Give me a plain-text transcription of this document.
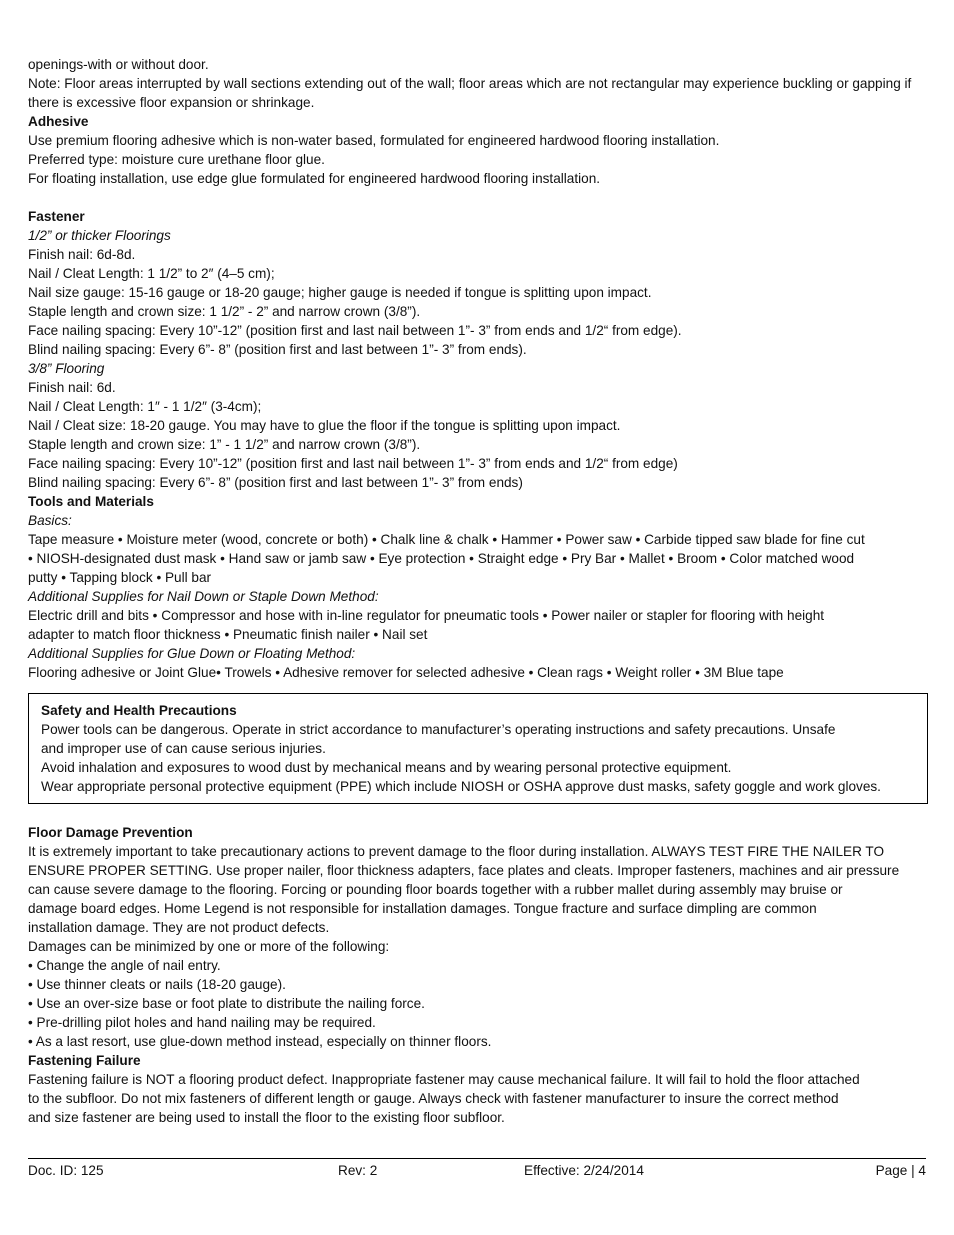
openings-with or without door.
Note: Floor areas interrupted by wall sections extending out of the wall; floor areas which are not rectangular may experience buckling or gapping if there is excessive floor expansion or shrinkage.
Adhesive
Use premium flooring adhesive which is non-water based, formulated for engineered hardwood flooring installation.
Preferred type: moisture cure urethane floor glue.
For floating installation, use edge glue formulated for engineered hardwood flooring installation.
Fastener
1/2” or thicker Floorings
Finish nail: 6d-8d.
Nail / Cleat Length: 1 1/2” to 2″ (4–5 cm);
Nail size gauge: 15-16 gauge or 18-20 gauge; higher gauge is needed if tongue is splitting upon impact.
Staple length and crown size: 1 1/2” - 2” and narrow crown (3/8”).
Face nailing spacing: Every 10”-12” (position first and last nail between 1”- 3” from ends and 1/2“ from edge).
Blind nailing spacing: Every 6”- 8” (position first and last between 1”- 3” from ends).
3/8” Flooring
Finish nail: 6d.
Nail / Cleat Length: 1″ - 1 1/2″ (3-4cm);
Nail / Cleat size: 18-20 gauge. You may have to glue the floor if the tongue is splitting upon impact.
Staple length and crown size: 1” - 1 1/2” and narrow crown (3/8”).
Face nailing spacing: Every 10”-12” (position first and last nail between 1”- 3” from ends and 1/2“ from edge)
Blind nailing spacing: Every 6”- 8” (position first and last between 1”- 3” from ends)
Tools and Materials
Basics:
Tape measure • Moisture meter (wood, concrete or both) • Chalk line & chalk • Hammer • Power saw • Carbide tipped saw blade for fine cut
• NIOSH-designated dust mask • Hand saw or jamb saw • Eye protection • Straight edge • Pry Bar • Mallet • Broom • Color matched wood
putty • Tapping block • Pull bar
Additional Supplies for Nail Down or Staple Down Method:
Electric drill and bits • Compressor and hose with in-line regulator for pneumatic tools • Power nailer or stapler for flooring with height
adapter to match floor thickness • Pneumatic finish nailer • Nail set
Additional Supplies for Glue Down or Floating Method:
Flooring adhesive or Joint Glue• Trowels • Adhesive remover for selected adhesive • Clean rags • Weight roller • 3M Blue tape
Safety and Health Precautions
Power tools can be dangerous. Operate in strict accordance to manufacturer’s operating instructions and safety precautions. Unsafe
and improper use of can cause serious injuries.
Avoid inhalation and exposures to wood dust by mechanical means and by wearing personal protective equipment.
Wear appropriate personal protective equipment (PPE) which include NIOSH or OSHA approve dust masks, safety goggle and work gloves.
Floor Damage Prevention
It is extremely important to take precautionary actions to prevent damage to the floor during installation. ALWAYS TEST FIRE THE NAILER TO
ENSURE PROPER SETTING. Use proper nailer, floor thickness adapters, face plates and cleats. Improper fasteners, machines and air pressure
can cause severe damage to the flooring. Forcing or pounding floor boards together with a rubber mallet during assembly may bruise or
damage board edges. Home Legend is not responsible for installation damages. Tongue fracture and surface dimpling are common
installation damage. They are not product defects.
Damages can be minimized by one or more of the following:
• Change the angle of nail entry.
• Use thinner cleats or nails (18-20 gauge).
• Use an over-size base or foot plate to distribute the nailing force.
• Pre-drilling pilot holes and hand nailing may be required.
• As a last resort, use glue-down method instead, especially on thinner floors.
Fastening Failure
Fastening failure is NOT a flooring product defect. Inappropriate fastener may cause mechanical failure. It will fail to hold the floor attached
to the subfloor. Do not mix fasteners of different length or gauge. Always check with fastener manufacturer to insure the correct method
and size fastener are being used to install the floor to the existing floor subfloor.
Doc. ID: 125	Rev: 2	Effective: 2/24/2014	Page | 4
